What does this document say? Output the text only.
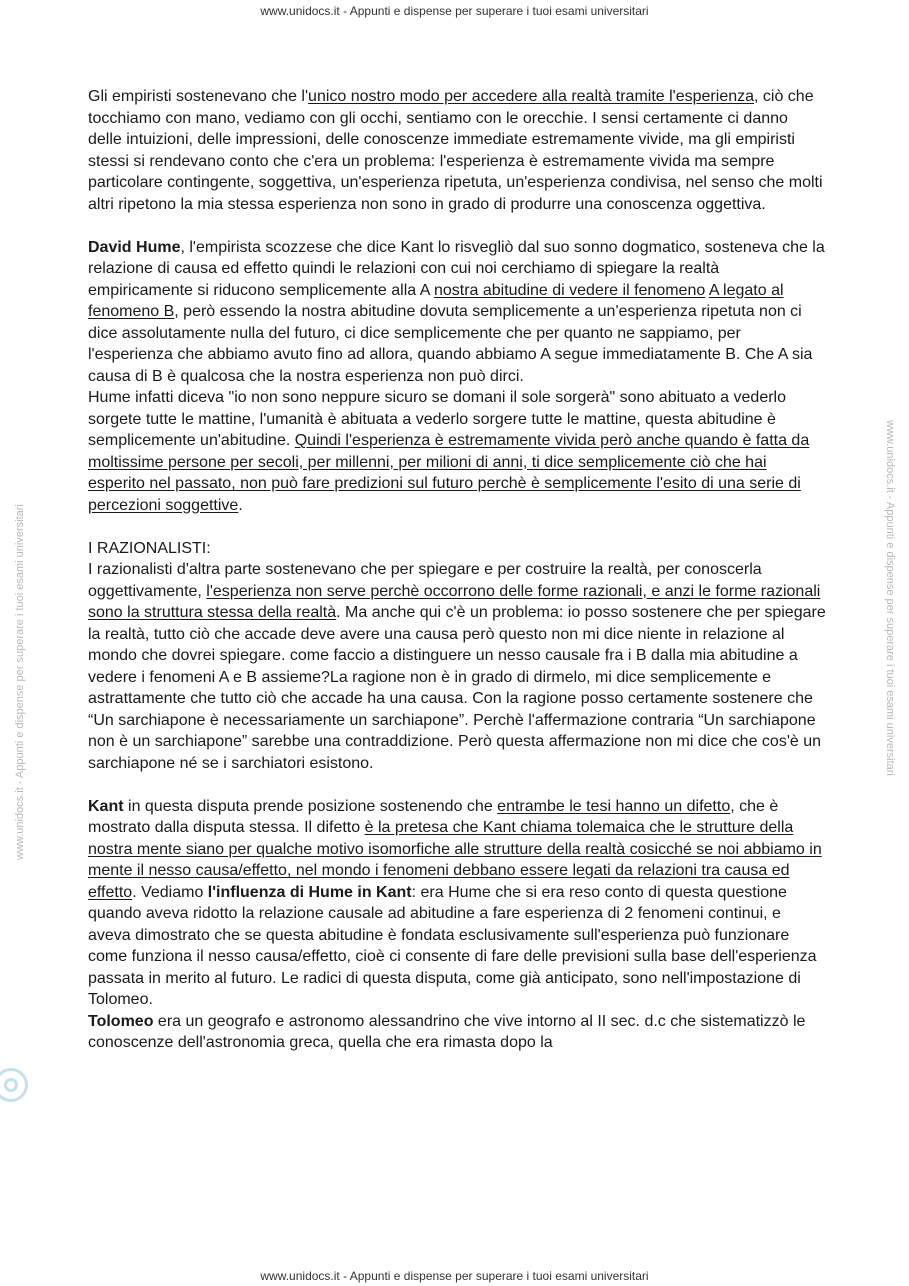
www.unidocs.it - Appunti e dispense per superare i tuoi esami universitari
www.unidocs.it - Appunti e dispense per superare i tuoi esami universitari	www.unidocs.it - Appunti e dispense per superare i tuoi esami universitari

Gli empiristi sostenevano che l'unico nostro modo per accedere alla realtà tramite l'esperienza, ciò che tocchiamo con mano, vediamo con gli occhi, sentiamo con le orecchie. I sensi certamente ci danno delle intuizioni, delle impressioni, delle conoscenze immediate estremamente vivide, ma gli empiristi stessi si rendevano conto che c'era un problema: l'esperienza è estremamente vivida ma sempre particolare contingente, soggettiva, un'esperienza ripetuta, un'esperienza condivisa, nel senso che molti altri ripetono la mia stessa esperienza non sono in grado di produrre una conoscenza oggettiva.

David Hume, l'empirista scozzese che dice Kant lo risvegliò dal suo sonno dogmatico, sosteneva che la relazione di causa ed effetto quindi le relazioni con cui noi cerchiamo di spiegare la realtà empiricamente si riducono semplicemente alla A nostra abitudine di vedere il fenomeno A legato al fenomeno B, però essendo la nostra abitudine dovuta semplicemente a un'esperienza ripetuta non ci dice assolutamente nulla del futuro, ci dice semplicemente che per quanto ne sappiamo, per l'esperienza che abbiamo avuto fino ad allora, quando abbiamo A segue immediatamente B. Che A sia causa di B è qualcosa che la nostra esperienza non può dirci.

Hume infatti diceva "io non sono neppure sicuro se domani il sole sorgerà" sono abituato a vederlo sorgete tutte le mattine, l'umanità è abituata a vederlo sorgere tutte le mattine, questa abitudine è semplicemente un'abitudine. Quindi l'esperienza è estremamente vivida però anche quando è fatta da moltissime persone per secoli, per millenni, per milioni di anni, ti dice semplicemente ciò che hai esperito nel passato, non può fare predizioni sul futuro perchè è semplicemente l'esito di una serie di percezioni soggettive.

I RAZIONALISTI:

I razionalisti d'altra parte sostenevano che per spiegare e per costruire la realtà, per conoscerla oggettivamente, l'esperienza non serve perchè occorrono delle forme razionali, e anzi le forme razionali sono la struttura stessa della realtà. Ma anche qui c'è un problema: io posso sostenere che per spiegare la realtà, tutto ciò che accade deve avere una causa però questo non mi dice niente in relazione al mondo che dovrei spiegare. come faccio a distinguere un nesso causale fra i B dalla mia abitudine a vedere i fenomeni A e B assieme?La ragione non è in grado di dirmelo, mi dice semplicemente e astrattamente che tutto ciò che accade ha una causa. Con la ragione posso certamente sostenere che “Un sarchiapone è necessariamente un sarchiapone”. Perchè l'affermazione contraria “Un sarchiapone non è un sarchiapone” sarebbe una contraddizione. Però questa affermazione non mi dice che cos'è un sarchiapone né se i sarchiatori esistono.

Kant in questa disputa prende posizione sostenendo che entrambe le tesi hanno un difetto, che è mostrato dalla disputa stessa. Il difetto è la pretesa che Kant chiama tolemaica che le strutture della nostra mente siano per qualche motivo isomorfiche alle strutture della realtà cosicché se noi abbiamo in mente il nesso causa/effetto, nel mondo i fenomeni debbano essere legati da relazioni tra causa ed effetto. Vediamo l'influenza di Hume in Kant: era Hume che si era reso conto di questa questione quando aveva ridotto la relazione causale ad abitudine a fare esperienza di 2 fenomeni continui, e aveva dimostrato che se questa abitudine è fondata esclusivamente sull'esperienza può funzionare come funziona il nesso causa/effetto, cioè ci consente di fare delle previsioni sulla base dell'esperienza passata in merito al futuro. Le radici di questa disputa, come già anticipato, sono nell'impostazione di Tolomeo.

Tolomeo era un geografo e astronomo alessandrino che vive intorno al II sec. d.c che sistematizzò le conoscenze dell'astronomia greca, quella che era rimasta dopo la

www.unidocs.it - Appunti e dispense per superare i tuoi esami universitari
